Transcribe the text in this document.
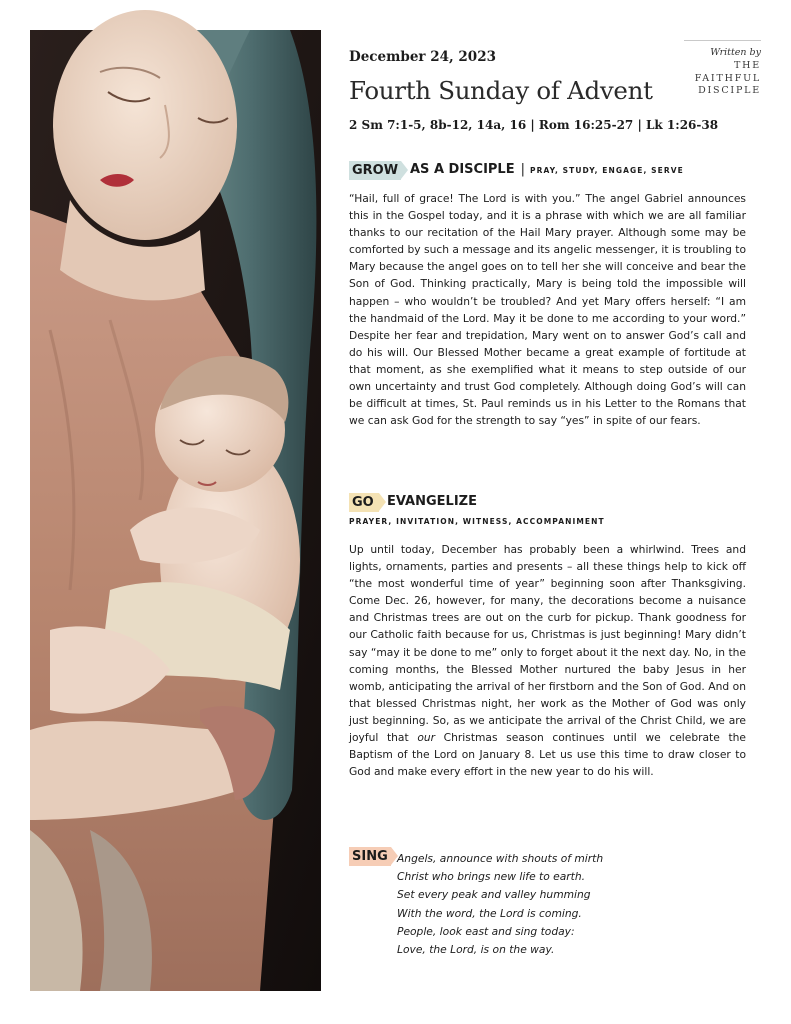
Getty Images/Kzac Goldkardt
December 24, 2023
Fourth Sunday of Advent
2 Sm 7:1-5, 8b-12, 14a, 16 | Rom 16:25-27 | Lk 1:26-38
Written by
THE
FAITHFUL
DISCIPLE
GROW AS A DISCIPLE | PRAY, STUDY, ENGAGE, SERVE

“Hail, full of grace! The Lord is with you.” The angel Gabriel announces this in the Gospel today, and it is a phrase with which we are all familiar thanks to our recitation of the Hail Mary prayer. Although some may be comforted by such a message and its angelic messenger, it is troubling to Mary because the angel goes on to tell her she will conceive and bear the Son of God. Thinking practically, Mary is being told the impossible will happen – who wouldn’t be troubled? And yet Mary offers herself: “I am the handmaid of the Lord. May it be done to me according to your word.” Despite her fear and trepidation, Mary went on to answer God’s call and do his will. Our Blessed Mother became a great example of fortitude at that moment, as she exemplified what it means to step outside of our own uncertainty and trust God completely. Although doing God’s will can be difficult at times, St. Paul reminds us in his Letter to the Romans that we can ask God for the strength to say “yes” in spite of our fears.

GO	EVANGELIZE
PRAYER, INVITATION, WITNESS, ACCOMPANIMENT

Up until today, December has probably been a whirlwind. Trees and lights, ornaments, parties and presents – all these things help to kick off “the most wonderful time of year” beginning soon after Thanksgiving. Come Dec. 26, however, for many, the decorations become a nuisance and Christmas trees are out on the curb for pickup. Thank goodness for our Catholic faith because for us, Christmas is just beginning! Mary didn’t say “may it be done to me” only to forget about it the next day. No, in the coming months, the Blessed Mother nurtured the baby Jesus in her womb, anticipating the arrival of her firstborn and the Son of God. And on that blessed Christmas night, her work as the Mother of God was only just beginning. So, as we anticipate the arrival of the Christ Child, we are joyful that our Christmas season continues until we celebrate the Baptism of the Lord on January 8. Let us use this time to draw closer to God and make every effort in the new year to do his will.

SING Angels, announce with shouts of mirth
Christ who brings new life to earth.
Set every peak and valley humming
With the word, the Lord is coming.
People, look east and sing today:
Love, the Lord, is on the way.
